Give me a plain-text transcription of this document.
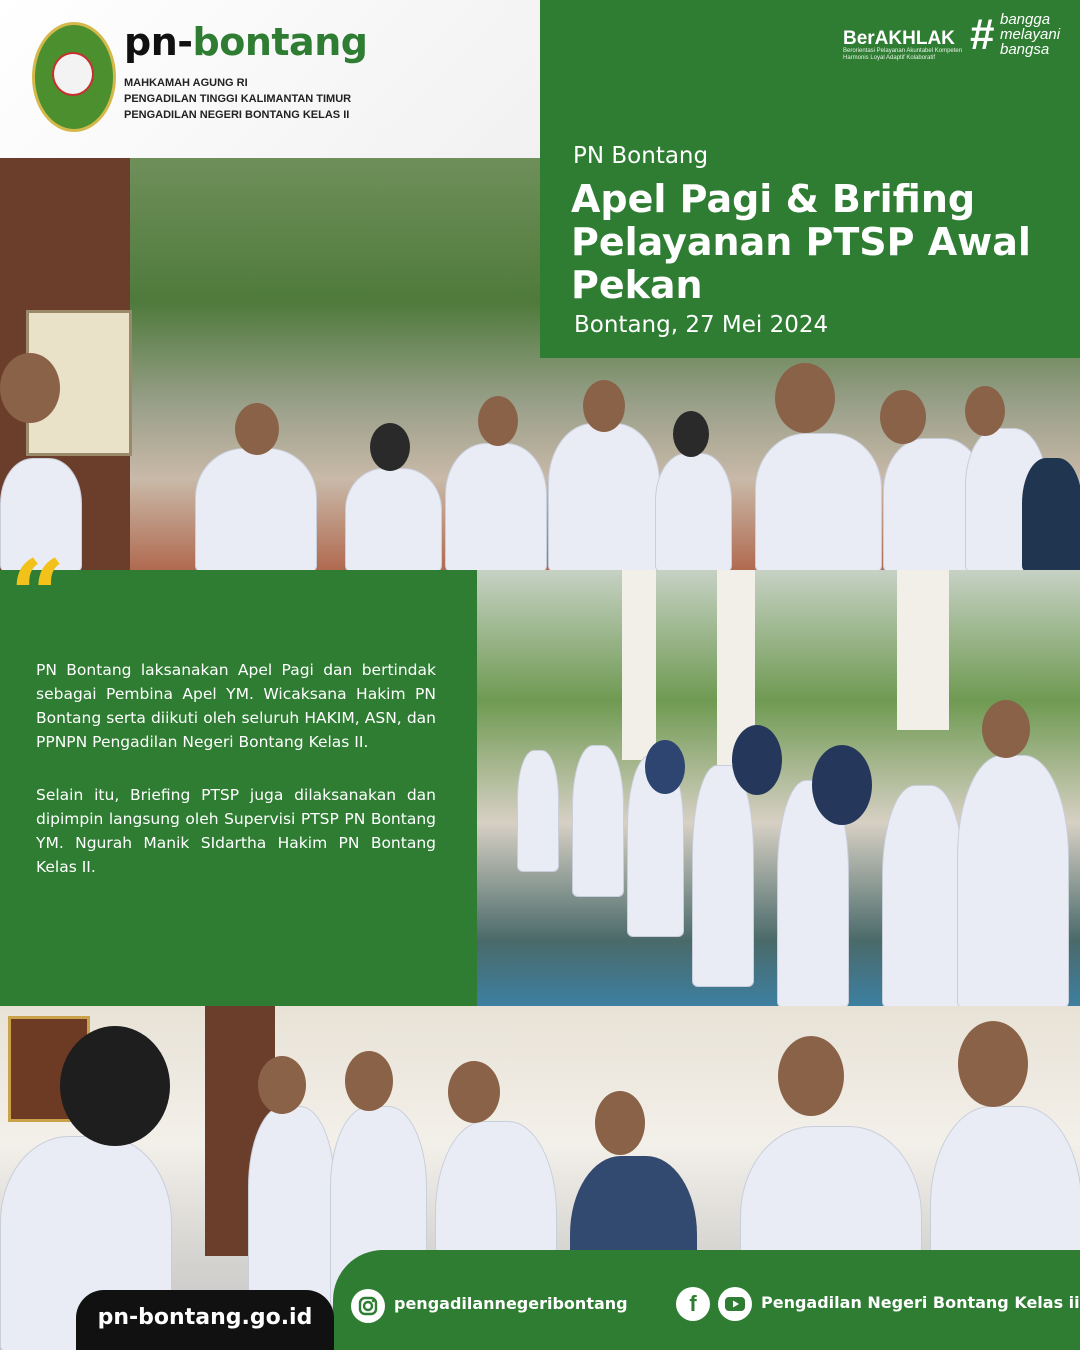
pn-bontang
MAHKAMAH AGUNG RI
PENGADILAN TINGGI KALIMANTAN TIMUR
PENGADILAN NEGERI BONTANG KELAS II
BerAKHLAK
Berorientasi Pelayanan Akuntabel Kompeten Harmonis Loyal Adaptif Kolaboratif # bangga
melayani
bangsa
PN Bontang
Apel Pagi & Brifing Pelayanan PTSP Awal Pekan
Bontang, 27 Mei 2024
“
PN Bontang laksanakan Apel Pagi dan bertindak sebagai Pembina Apel YM. Wicaksana Hakim PN Bontang serta diikuti oleh seluruh HAKIM, ASN, dan PPNPN Pengadilan Negeri Bontang Kelas II.
Selain itu, Briefing PTSP juga dilaksanakan dan dipimpin langsung oleh Supervisi PTSP PN Bontang YM. Ngurah Manik SIdartha Hakim PN Bontang Kelas II.
pn-bontang.go.id
pengadilannegeribontang	f	Pengadilan Negeri Bontang Kelas ii
